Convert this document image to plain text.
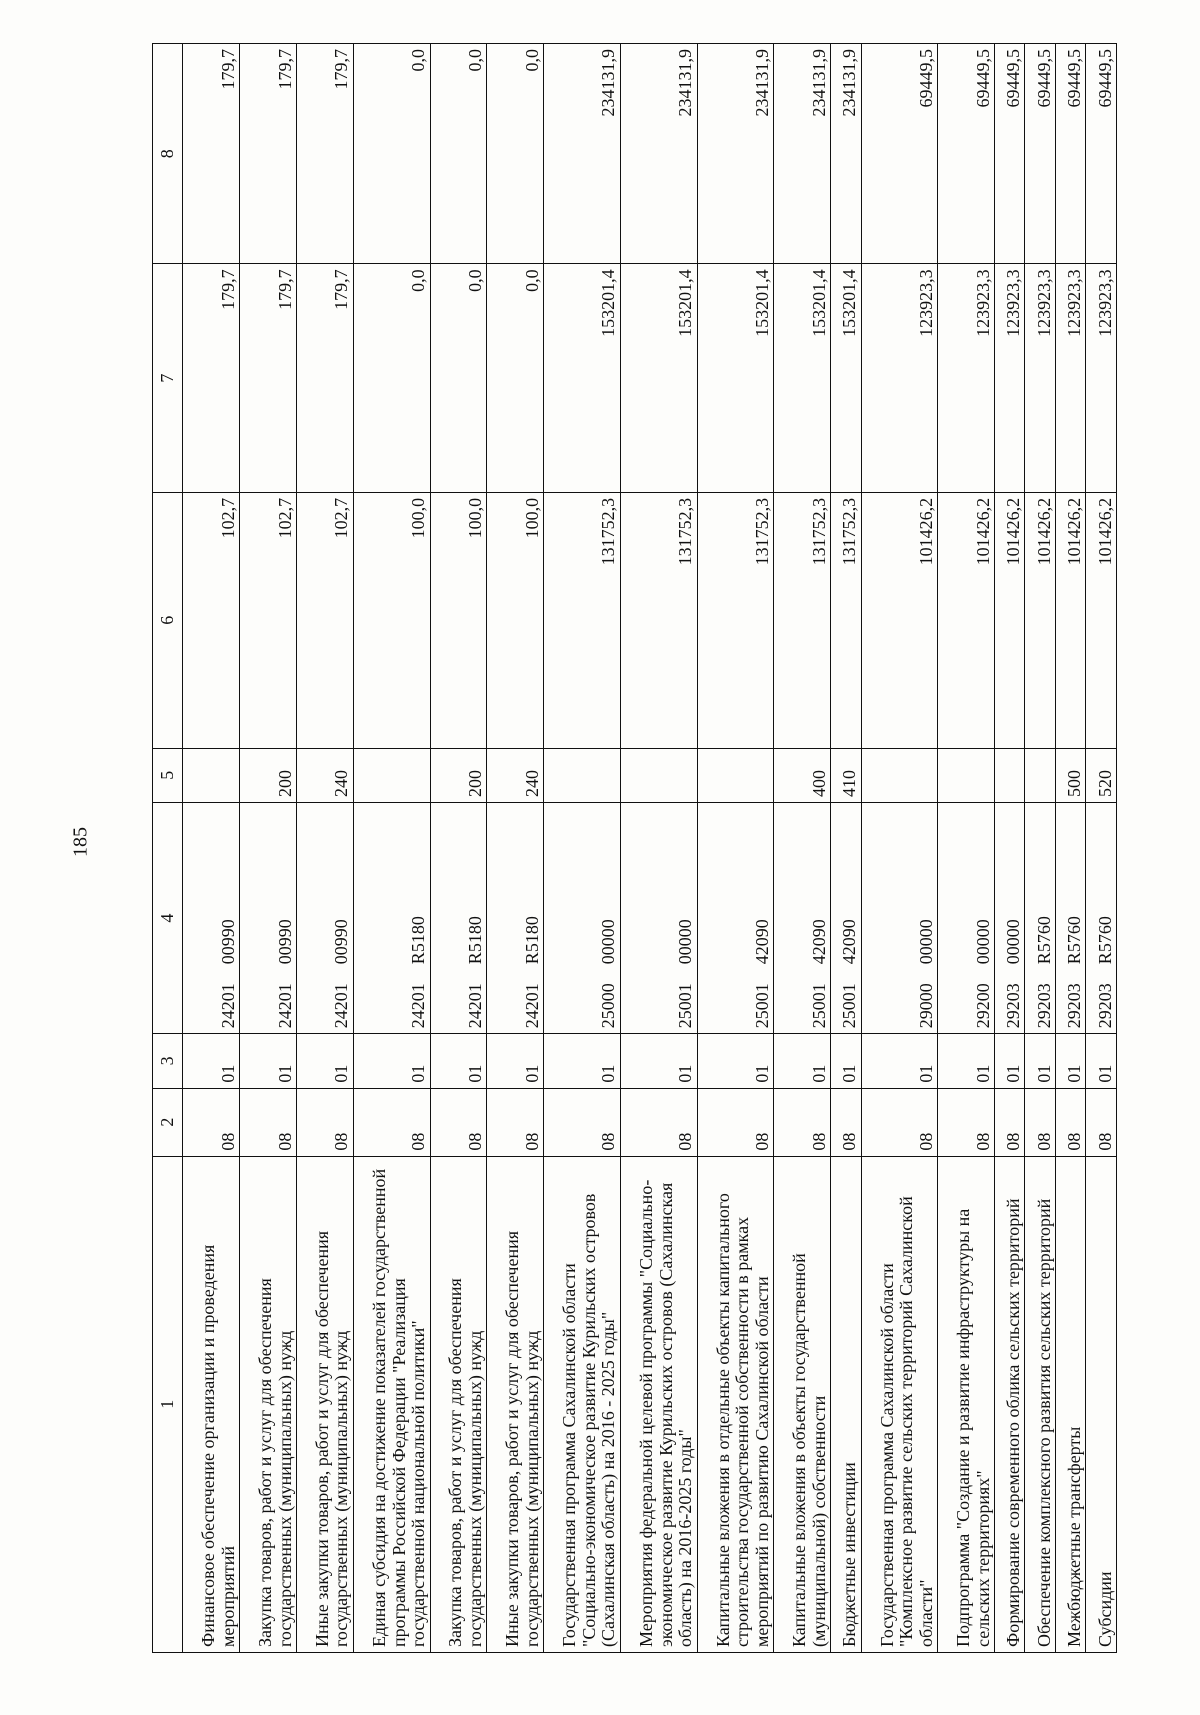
185
1	2	3	4	5	6	7	8
Финансовое обеспечение организации и проведения мероприятий	08	01	2420100990		102,7	179,7	179,7
Закупка товаров, работ и услуг для обеспечения государственных (муниципальных) нужд	08	01	2420100990	200	102,7	179,7	179,7
Иные закупки товаров, работ и услуг для обеспечения государственных (муниципальных) нужд	08	01	2420100990	240	102,7	179,7	179,7
Единая субсидия на достижение показателей государственной программы Российской Федерации "Реализация государственной национальной политики"	08	01	24201R5180		100,0	0,0	0,0
Закупка товаров, работ и услуг для обеспечения государственных (муниципальных) нужд	08	01	24201R5180	200	100,0	0,0	0,0
Иные закупки товаров, работ и услуг для обеспечения государственных (муниципальных) нужд	08	01	24201R5180	240	100,0	0,0	0,0
Государственная программа Сахалинской области "Социально-экономическое развитие Курильских островов (Сахалинская область) на 2016 - 2025 годы"	08	01	2500000000		131752,3	153201,4	234131,9
Мероприятия федеральной целевой программы "Социально-экономическое развитие Курильских островов (Сахалинская область) на 2016-2025 годы"	08	01	2500100000		131752,3	153201,4	234131,9
Капитальные вложения в отдельные объекты капитального строительства государственной собственности в рамках мероприятий по развитию Сахалинской области	08	01	2500142090		131752,3	153201,4	234131,9
Капитальные вложения в объекты государственной (муниципальной) собственности	08	01	2500142090	400	131752,3	153201,4	234131,9
Бюджетные инвестиции	08	01	2500142090	410	131752,3	153201,4	234131,9
Государственная программа Сахалинской области "Комплексное развитие сельских территорий Сахалинской области"	08	01	2900000000		101426,2	123923,3	69449,5
Подпрограмма "Создание и развитие инфраструктуры на сельских территориях"	08	01	2920000000		101426,2	123923,3	69449,5
Формирование современного облика сельских территорий	08	01	2920300000		101426,2	123923,3	69449,5
Обеспечение комплексного развития сельских территорий	08	01	29203R5760		101426,2	123923,3	69449,5
Межбюджетные трансферты	08	01	29203R5760	500	101426,2	123923,3	69449,5
Субсидии	08	01	29203R5760	520	101426,2	123923,3	69449,5
